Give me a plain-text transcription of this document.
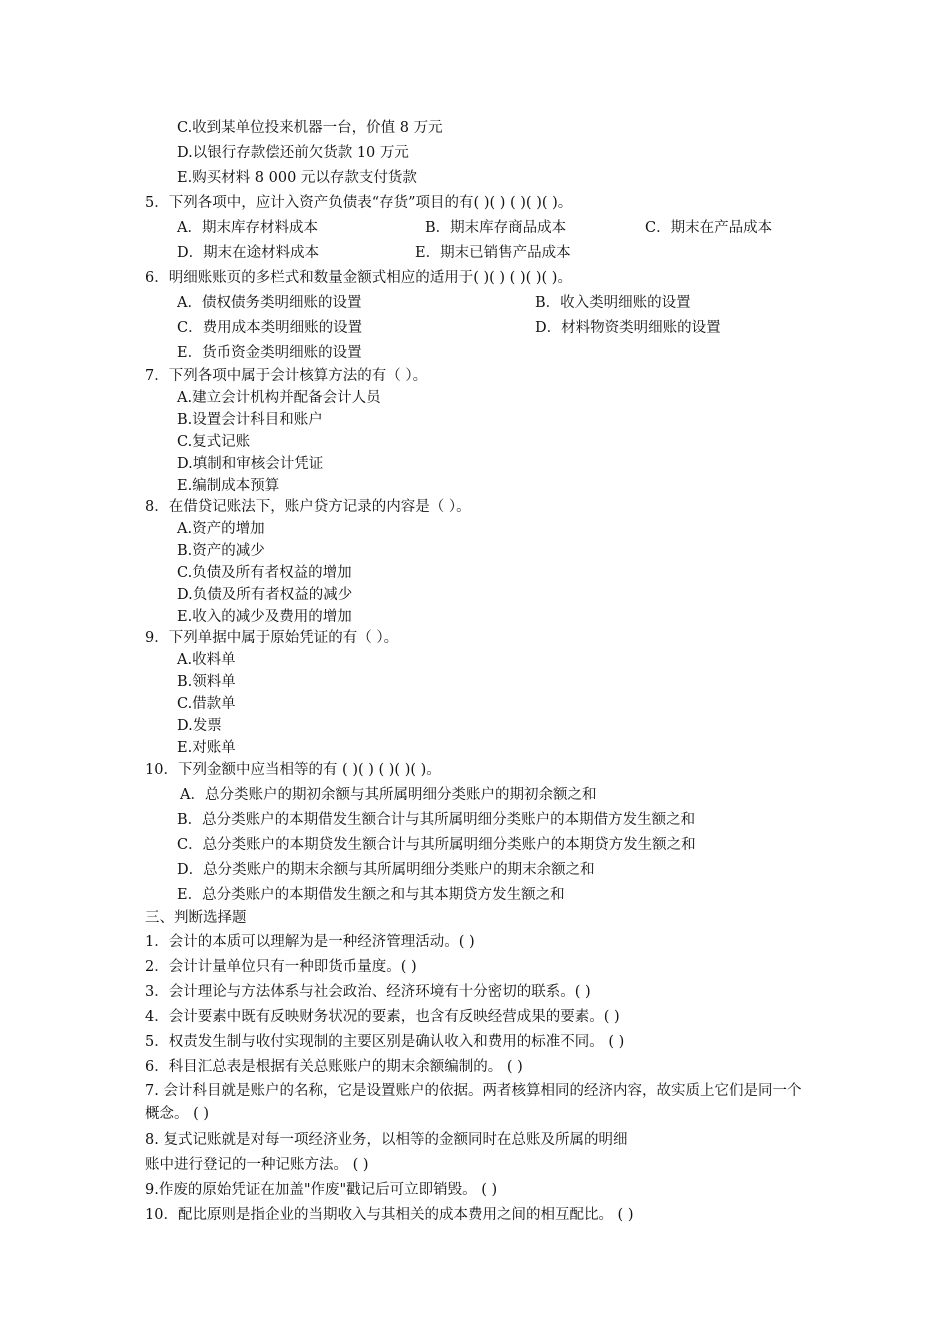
C.收到某单位投来机器一台，价值 8 万元
D.以银行存款偿还前欠货款 10 万元
E.购买材料 8 000 元以存款支付货款
5．下列各项中，应计入资产负债表“存货”项目的有( )( ) ( )( )( )。
A．期末库存材料成本	B．期末库存商品成本	C．期末在产品成本
D．期末在途材料成本	E．期末已销售产品成本
6．明细账账页的多栏式和数量金额式相应的适用于( )( ) ( )( )( )。
A．债权债务类明细账的设置	B．收入类明细账的设置
C．费用成本类明细账的设置	D．材料物资类明细账的设置
E．货币资金类明细账的设置
7．下列各项中属于会计核算方法的有（ ）。
A.建立会计机构并配备会计人员
B.设置会计科目和账户
C.复式记账
D.填制和审核会计凭证
E.编制成本预算
8．在借贷记账法下，账户贷方记录的内容是（ ）。
A.资产的增加
B.资产的减少
C.负债及所有者权益的增加
D.负债及所有者权益的减少
E.收入的减少及费用的增加
9．下列单据中属于原始凭证的有（ ）。
A.收料单
B.领料单
C.借款单
D.发票
E.对账单
10．下列金额中应当相等的有 ( )( ) ( )( )( )。
A．总分类账户的期初余额与其所属明细分类账户的期初余额之和
B．总分类账户的本期借发生额合计与其所属明细分类账户的本期借方发生额之和
C．总分类账户的本期贷发生额合计与其所属明细分类账户的本期贷方发生额之和
D．总分类账户的期末余额与其所属明细分类账户的期末余额之和
E．总分类账户的本期借发生额之和与其本期贷方发生额之和
三、判断选择题
1．会计的本质可以理解为是一种经济管理活动。( )
2．会计计量单位只有一种即货币量度。( )
3．会计理论与方法体系与社会政治、经济环境有十分密切的联系。( )
4．会计要素中既有反映财务状况的要素，也含有反映经营成果的要素。( )
5．权责发生制与收付实现制的主要区别是确认收入和费用的标准不同。 ( )
6．科目汇总表是根据有关总账账户的期末余额编制的。 ( )
7. 会计科目就是账户的名称，它是设置账户的依据。两者核算相同的经济内容，故实质上它们是同一个概念。 ( )
8. 复式记账就是对每一项经济业务，以相等的金额同时在总账及所属的明细
账中进行登记的一种记账方法。 ( )
9.作废的原始凭证在加盖"作废"戳记后可立即销毁。 ( )
10．配比原则是指企业的当期收入与其相关的成本费用之间的相互配比。 ( )
